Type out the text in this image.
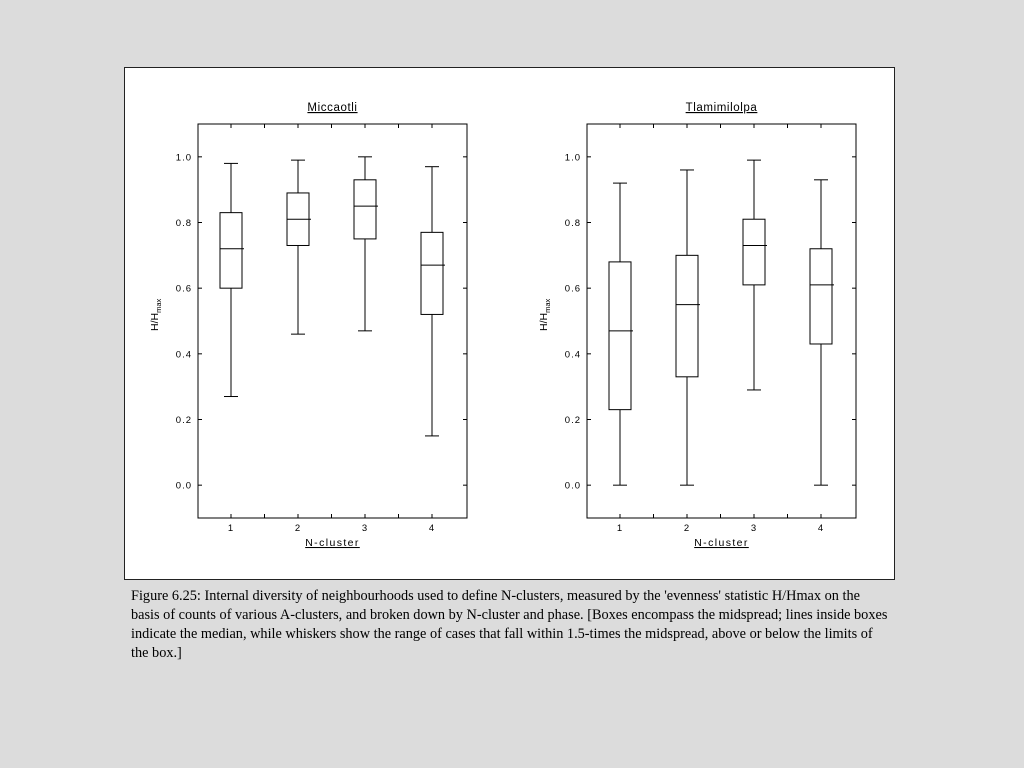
Miccaotli
0.0
0.2
0.4
0.6
0.8
1.0
$H/H_{max}$
N-cluster
1	2	3	4
Tlamimilolpa
0.0
0.2
0.4
0.6
0.8
1.0
$H/H_{max}$
N-cluster
1	2	3	4

Figure 6.25: Internal diversity of neighbourhoods used to define N-clusters, measured by the 'evenness' statistic H/Hmax on the basis of counts of various A-clusters, and broken down by N-cluster and phase. [Boxes encompass the midspread; lines inside boxes indicate the median, while whiskers show the range of cases that fall within 1.5-times the midspread, above or below the limits of the box.]
